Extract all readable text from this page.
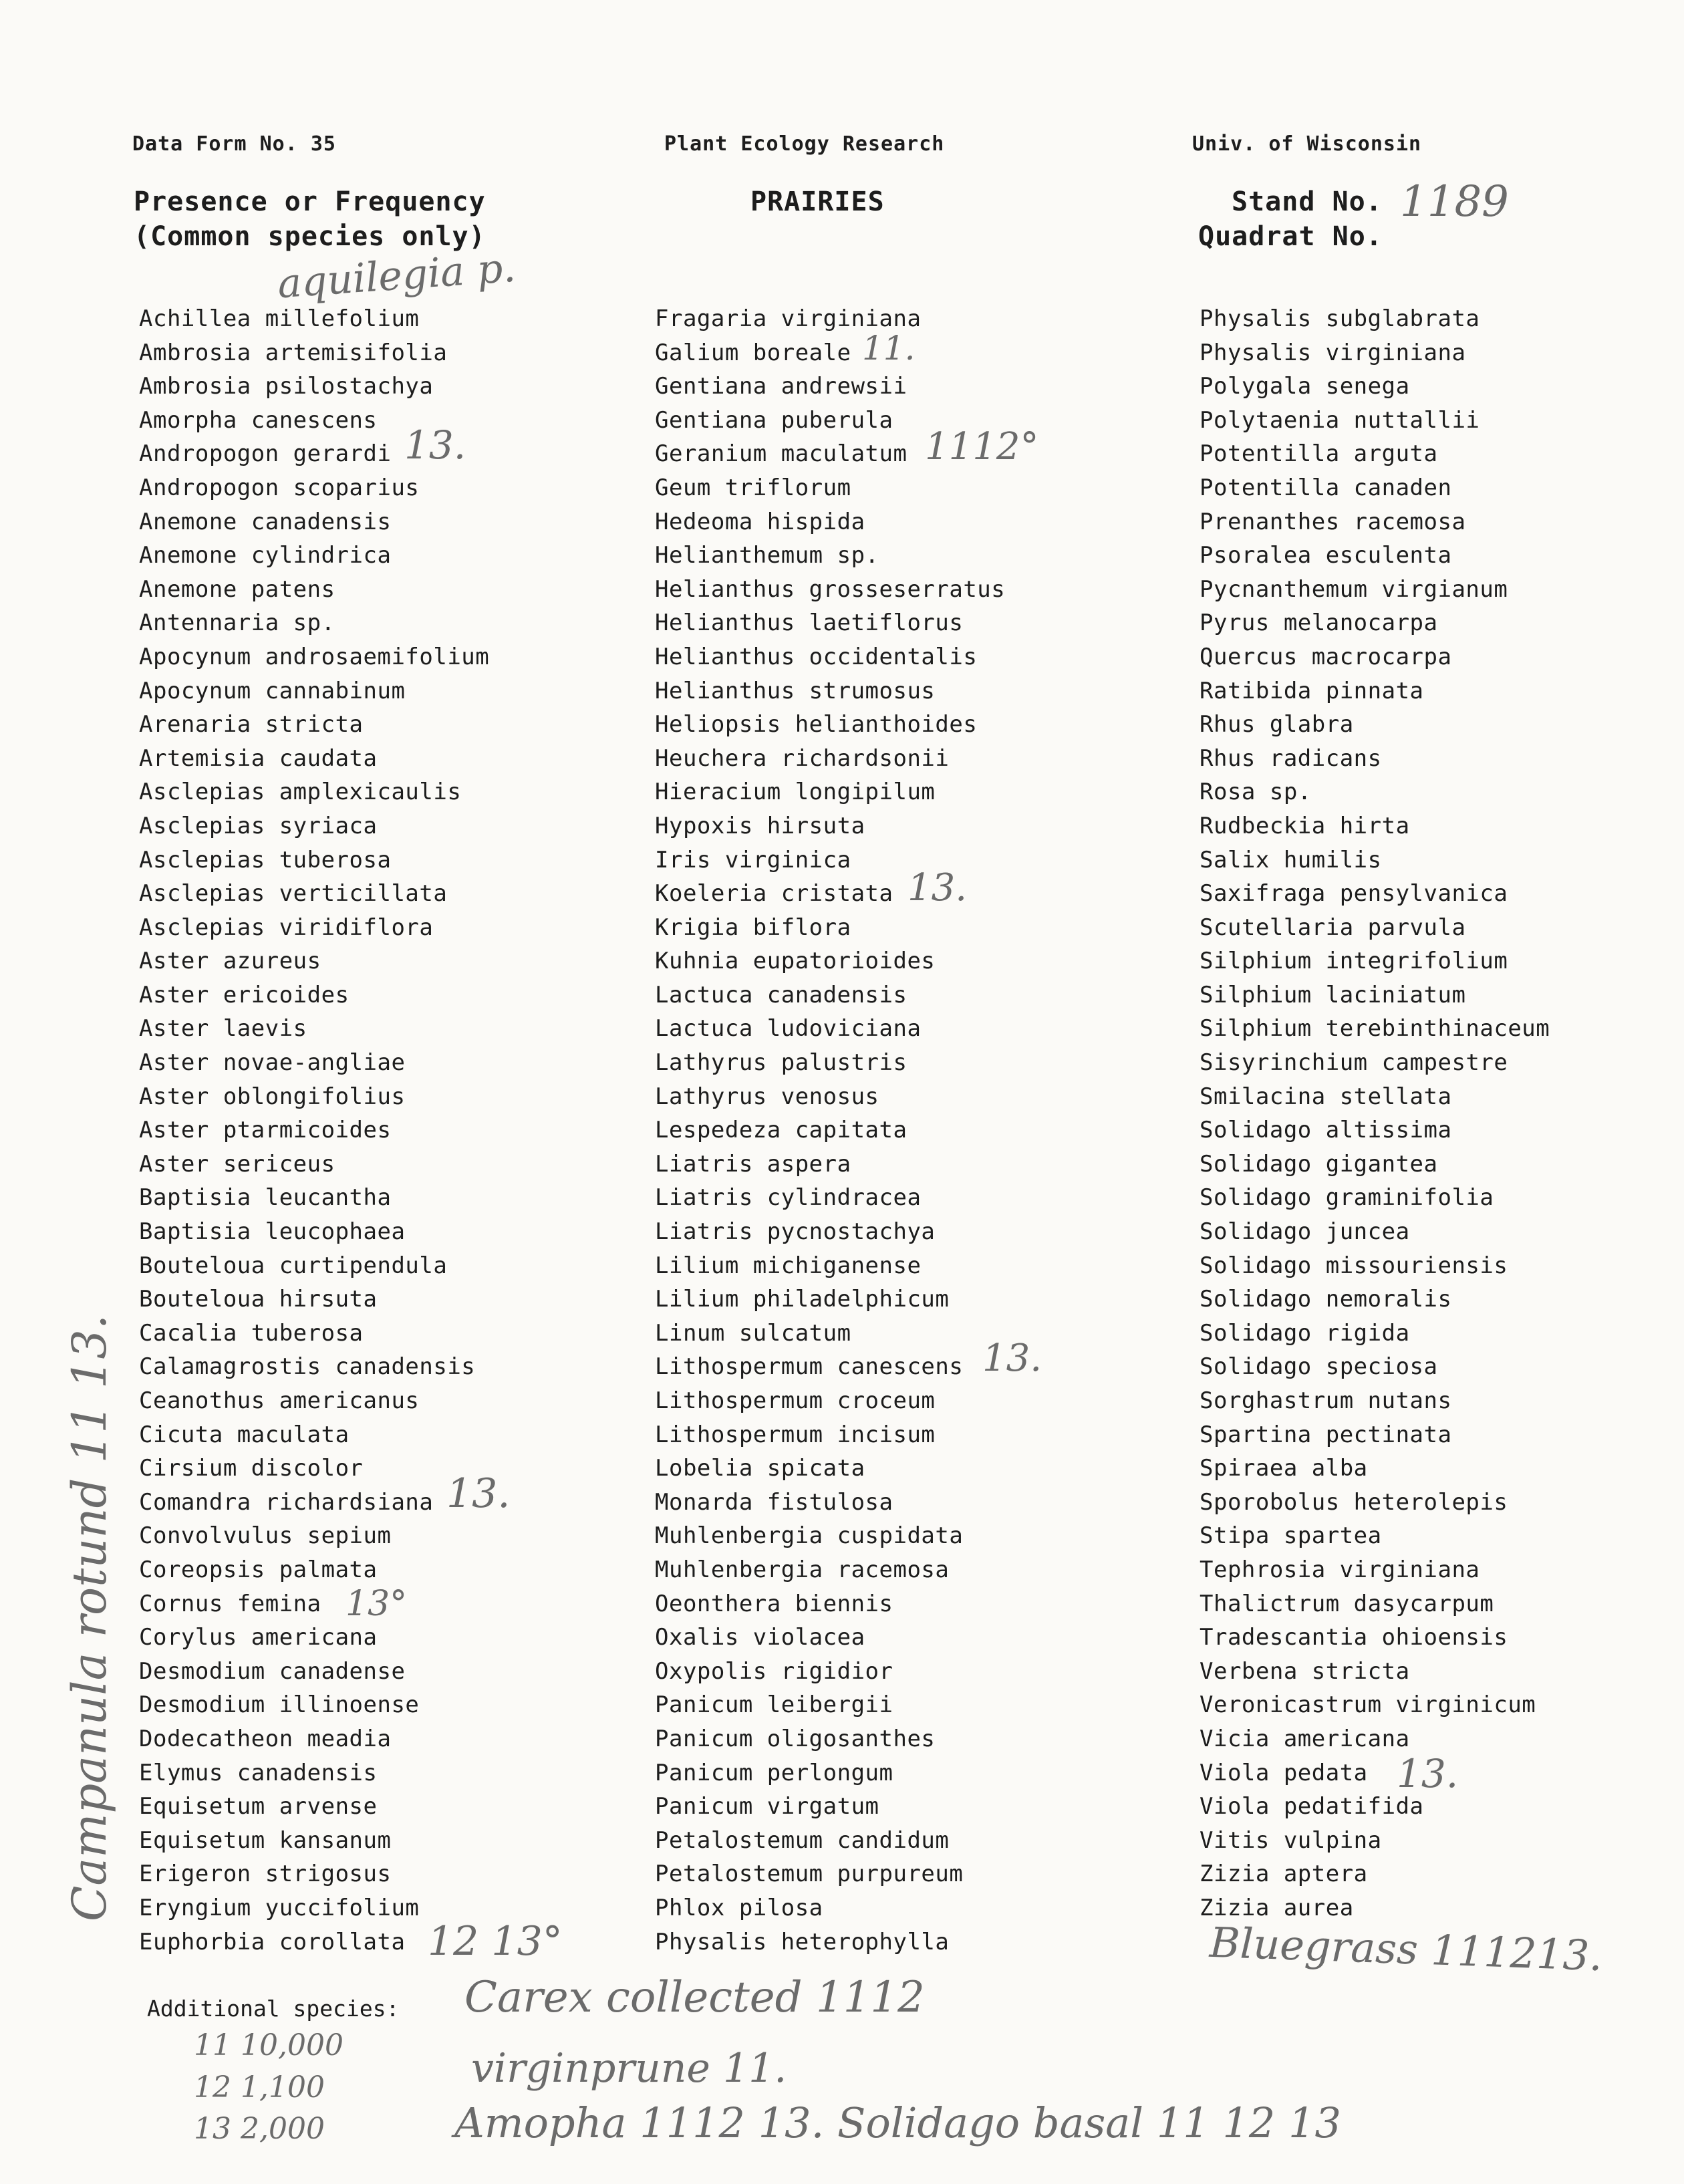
Data Form No. 35	Plant Ecology Research	Univ. of Wisconsin
Presence or Frequency
(Common species only)
PRAIRIES	Stand No.
Quadrat No.
Achillea millefolium
Ambrosia artemisifolia
Ambrosia psilostachya
Amorpha canescens
Andropogon gerardi
Andropogon scoparius
Anemone canadensis
Anemone cylindrica
Anemone patens
Antennaria sp.
Apocynum androsaemifolium
Apocynum cannabinum
Arenaria stricta
Artemisia caudata
Asclepias amplexicaulis
Asclepias syriaca
Asclepias tuberosa
Asclepias verticillata
Asclepias viridiflora
Aster azureus
Aster ericoides
Aster laevis
Aster novae-angliae
Aster oblongifolius
Aster ptarmicoides
Aster sericeus
Baptisia leucantha
Baptisia leucophaea
Bouteloua curtipendula
Bouteloua hirsuta
Cacalia tuberosa
Calamagrostis canadensis
Ceanothus americanus
Cicuta maculata
Cirsium discolor
Comandra richardsiana
Convolvulus sepium
Coreopsis palmata
Cornus femina
Corylus americana
Desmodium canadense
Desmodium illinoense
Dodecatheon meadia
Elymus canadensis
Equisetum arvense
Equisetum kansanum
Erigeron strigosus
Eryngium yuccifolium
Euphorbia corollata
Fragaria virginiana
Galium boreale
Gentiana andrewsii
Gentiana puberula
Geranium maculatum
Geum triflorum
Hedeoma hispida
Helianthemum sp.
Helianthus grosseserratus
Helianthus laetiflorus
Helianthus occidentalis
Helianthus strumosus
Heliopsis helianthoides
Heuchera richardsonii
Hieracium longipilum
Hypoxis hirsuta
Iris virginica
Koeleria cristata
Krigia biflora
Kuhnia eupatorioides
Lactuca canadensis
Lactuca ludoviciana
Lathyrus palustris
Lathyrus venosus
Lespedeza capitata
Liatris aspera
Liatris cylindracea
Liatris pycnostachya
Lilium michiganense
Lilium philadelphicum
Linum sulcatum
Lithospermum canescens
Lithospermum croceum
Lithospermum incisum
Lobelia spicata
Monarda fistulosa
Muhlenbergia cuspidata
Muhlenbergia racemosa
Oeonthera biennis
Oxalis violacea
Oxypolis rigidior
Panicum leibergii
Panicum oligosanthes
Panicum perlongum
Panicum virgatum
Petalostemum candidum
Petalostemum purpureum
Phlox pilosa
Physalis heterophylla
Physalis subglabrata
Physalis virginiana
Polygala senega
Polytaenia nuttallii
Potentilla arguta
Potentilla canaden
Prenanthes racemosa
Psoralea esculenta
Pycnanthemum virgianum
Pyrus melanocarpa
Quercus macrocarpa
Ratibida pinnata
Rhus glabra
Rhus radicans
Rosa sp.
Rudbeckia hirta
Salix humilis
Saxifraga pensylvanica
Scutellaria parvula
Silphium integrifolium
Silphium laciniatum
Silphium terebinthinaceum
Sisyrinchium campestre
Smilacina stellata
Solidago altissima
Solidago gigantea
Solidago graminifolia
Solidago juncea
Solidago missouriensis
Solidago nemoralis
Solidago rigida
Solidago speciosa
Sorghastrum nutans
Spartina pectinata
Spiraea alba
Sporobolus heterolepis
Stipa spartea
Tephrosia virginiana
Thalictrum dasycarpum
Tradescantia ohioensis
Verbena stricta
Veronicastrum virginicum
Vicia americana
Viola pedata
Viola pedatifida
Vitis vulpina
Zizia aptera
Zizia aurea
Additional species:
1189
aquilegia p.
13.
11.
1112°
13.
13.
13.
13°
12 13°
13.
Bluegrass 111213.
Campanula rotund 11 13.
Carex collected 1112
virginprune 11.
Amopha 1112 13. Solidago basal 11 12 13
11 10,000
12 1,100
13 2,000
